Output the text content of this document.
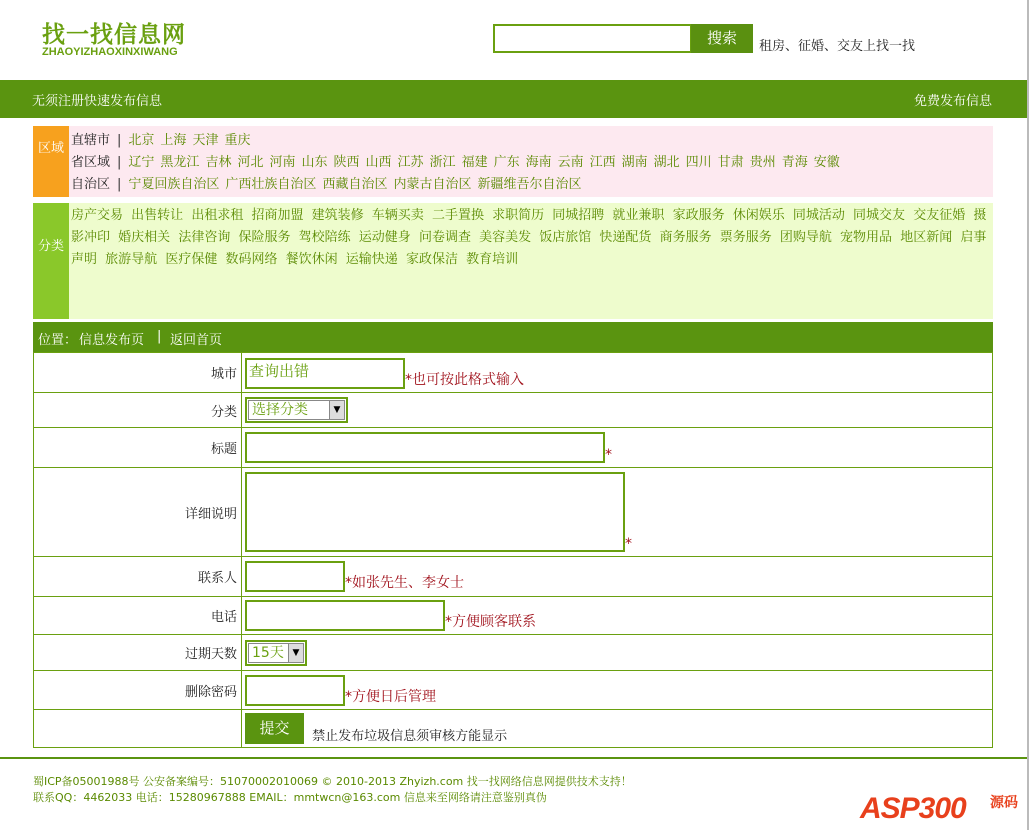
找一找信息网
ZHAOYIZHAOXINXIWANG
搜索	租房、征婚、交友上找一找
无须注册快速发布信息	免费发布信息
区域
直辖市 | 北京 上海 天津 重庆
省区域 | 辽宁 黑龙江 吉林 河北 河南 山东 陕西 山西 江苏 浙江 福建 广东 海南 云南 江西 湖南 湖北 四川 甘肃 贵州 青海 安徽
自治区 | 宁夏回族自治区 广西壮族自治区 西藏自治区 内蒙古自治区 新疆维吾尔自治区
分类
房产交易 出售转让 出租求租 招商加盟 建筑装修 车辆买卖 二手置换 求职简历 同城招聘 就业兼职 家政服务 休闲娱乐 同城活动 同城交友 交友征婚 摄影冲印 婚庆相关 法律咨询 保险服务 驾校陪练 运动健身 问卷调查 美容美发 饭店旅馆 快递配货 商务服务 票务服务 团购导航 宠物用品 地区新闻 启事声明 旅游导航 医疗保健 数码网络 餐饮休闲 运输快递 家政保洁 教育培训
位置： 信息发布页 | 返回首页
城市	查询出错 *也可按此格式输入
分类	选择分类 ▼

标题	*
详细说明	*
联系人	*如张先生、李女士
电话	*方便顾客联系
过期天数	15天 ▼

删除密码	*方便日后管理
	提交 禁止发布垃圾信息须审核方能显示
蜀ICP备05001988号 公安备案编号：51070002010069 © 2010-2013 Zhyizh.com 找一找网络信息网提供技术支持！
联系QQ：4462033 电话：15280967888 EMAIL：mmtwcn@163.com 信息来至网络请注意鉴别真伪	ASP300 源码
